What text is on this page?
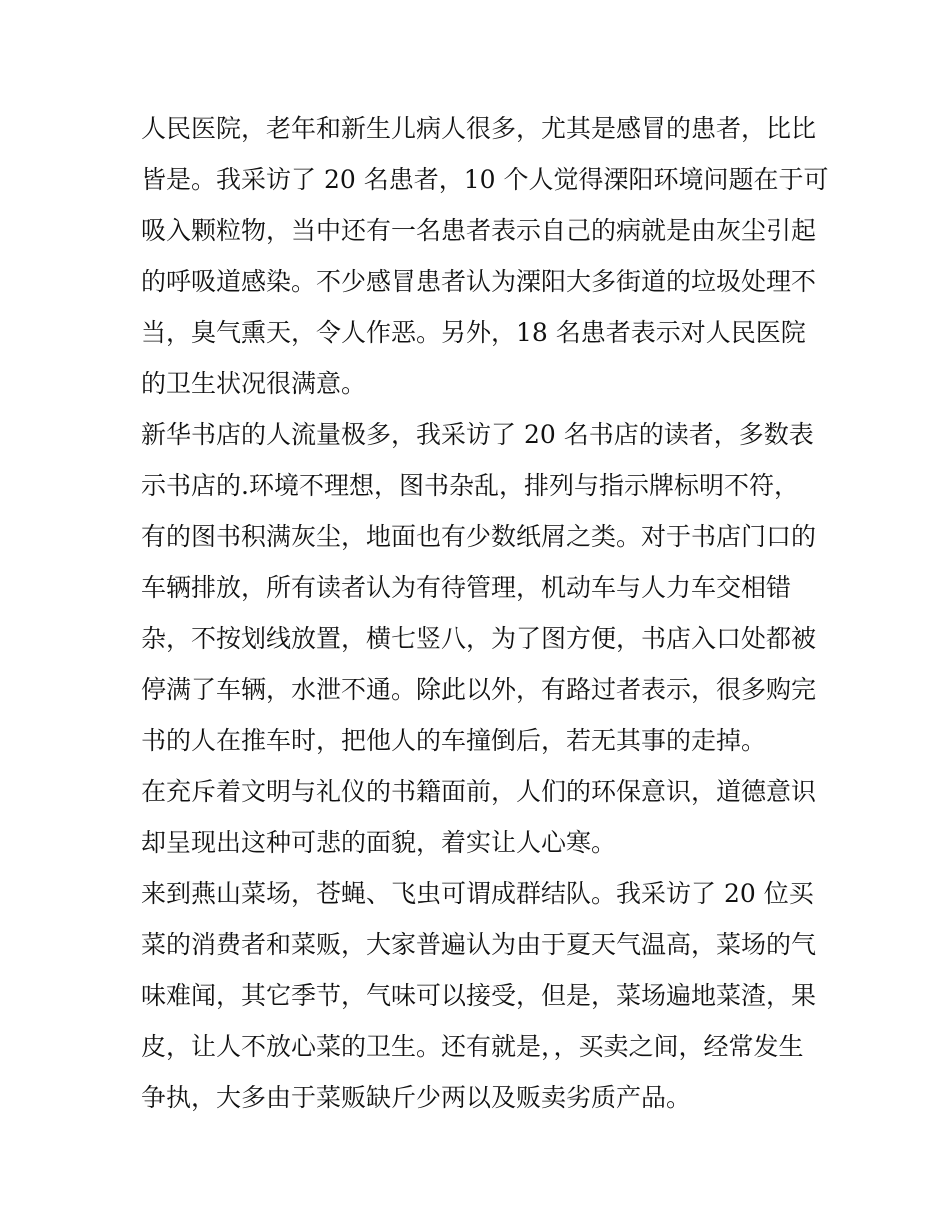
人民医院，老年和新生儿病人很多，尤其是感冒的患者，比比
皆是。我采访了 20 名患者，10 个人觉得溧阳环境问题在于可
吸入颗粒物，当中还有一名患者表示自己的病就是由灰尘引起
的呼吸道感染。不少感冒患者认为溧阳大多街道的垃圾处理不
当，臭气熏天，令人作恶。另外，18 名患者表示对人民医院
的卫生状况很满意。
新华书店的人流量极多，我采访了 20 名书店的读者，多数表
示书店的.环境不理想，图书杂乱，排列与指示牌标明不符，
有的图书积满灰尘，地面也有少数纸屑之类。对于书店门口的
车辆排放，所有读者认为有待管理，机动车与人力车交相错
杂，不按划线放置，横七竖八，为了图方便，书店入口处都被
停满了车辆，水泄不通。除此以外，有路过者表示，很多购完
书的人在推车时，把他人的车撞倒后，若无其事的走掉。
在充斥着文明与礼仪的书籍面前，人们的环保意识，道德意识
却呈现出这种可悲的面貌，着实让人心寒。
来到燕山菜场，苍蝇、飞虫可谓成群结队。我采访了 20 位买
菜的消费者和菜贩，大家普遍认为由于夏天气温高，菜场的气
味难闻，其它季节，气味可以接受，但是，菜场遍地菜渣，果
皮，让人不放心菜的卫生。还有就是，，买卖之间，经常发生
争执，大多由于菜贩缺斤少两以及贩卖劣质产品。
